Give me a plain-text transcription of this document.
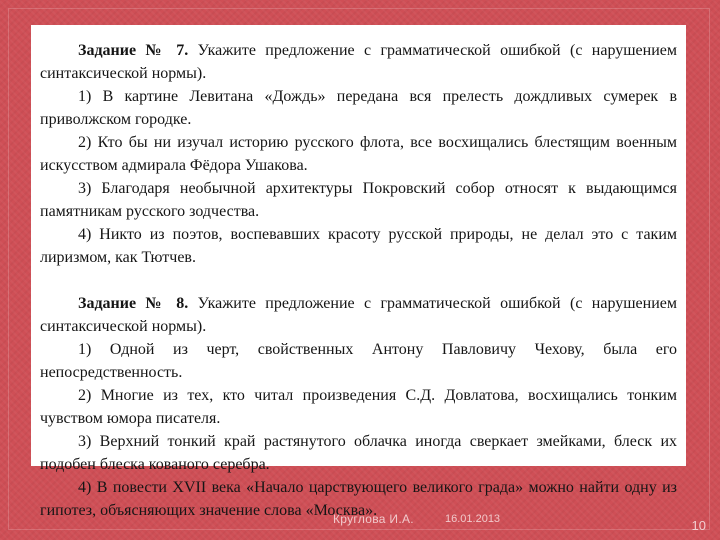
Задание № 7. Укажите предложение с грамматической ошибкой (с нарушением синтаксической нормы).

1) В картине Левитана «Дождь» передана вся прелесть дождливых сумерек в приволжском городке.

2) Кто бы ни изучал историю русского флота, все восхищались блестящим военным искусством адмирала Фёдора Ушакова.

3) Благодаря необычной архитектуры Покровский собор относят к выдающимся памятникам русского зодчества.

4) Никто из поэтов, воспевавших красоту русской природы, не делал это с таким лиризмом, как Тютчев.

Задание № 8. Укажите предложение с грамматической ошибкой (с нарушением синтаксической нормы).

1) Одной из черт, свойственных Антону Павловичу Чехову, была его непосредственность.

2) Многие из тех, кто читал произведения С.Д. Довлатова, восхищались тонким чувством юмора писателя.

3) Верхний тонкий край растянутого облачка иногда сверкает змейками, блеск их подобен блеска кованого серебра.

4) В повести XVII века «Начало царствующего великого града» можно найти одну из гипотез, объясняющих значение слова «Москва».

Круглова И.А.	16.01.2013	10
